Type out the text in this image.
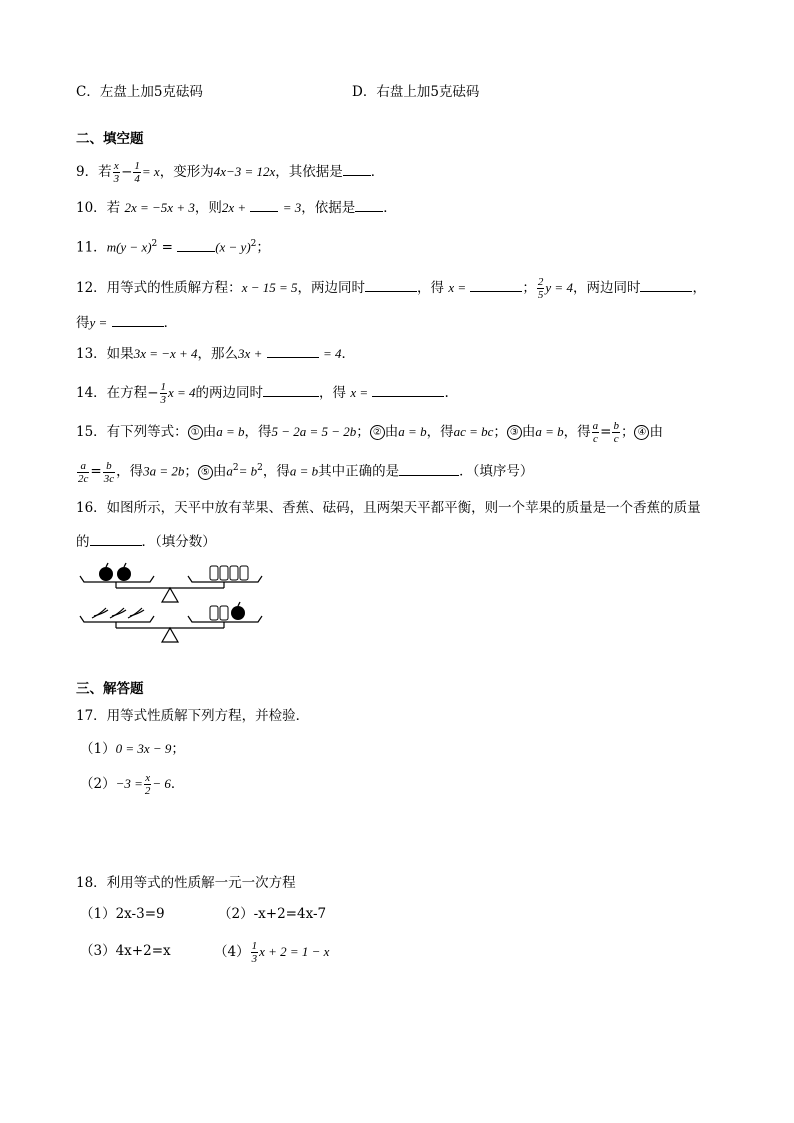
C．左盘上加5克砝码	D．右盘上加5克砝码
二、填空题
9．若 $\frac{x}{3} - \frac{1}{4} = x$，变形为4x−3 = 12x，其依据是 ．
10．若 2x = −5x + 3，则2x +	= 3，依据是 ．
11．$m(y - x)^2$ =	$(x - y)^2$；
12．用等式的性质解方程：x − 15 = 5，两边同时	，得 x =	； $\frac{2}{5}$ y = 4，两边同时	，
得y =	．
13．如果3x = −x + 4，那么3x +	= 4．
14．在方程− $\frac{1}{3}$ x = 4的两边同时	，得 x =	.
15．有下列等式： ① 由a = b，得5 − 2a = 5 − 2b； ② 由a = b，得ac = bc； ③ 由a = b，得 $\frac{a}{c} = \frac{b}{c}$ ； ④ 由
$\frac{a}{2c} = \frac{b}{3c}$ ，得3a = 2b； ⑤ 由$a^2= b^2$，得a = b其中正确的是	．（填序号）
16．如图所示，天平中放有苹果、香蕉、砝码，且两架天平都平衡，则一个苹果的质量是一个香蕉的质量
的	．（填分数）
三、解答题
17．用等式性质解下列方程，并检验．
（1）0 = 3x − 9；
$(2)-3 = \frac{x}{2} - 6$．
18．利用等式的性质解一元一次方程
（1）2x-3=9	（2）-x+2=4x-7
（3）4x+2=x	$(4) \frac{1}{3}$ x + 2 = 1 − x
